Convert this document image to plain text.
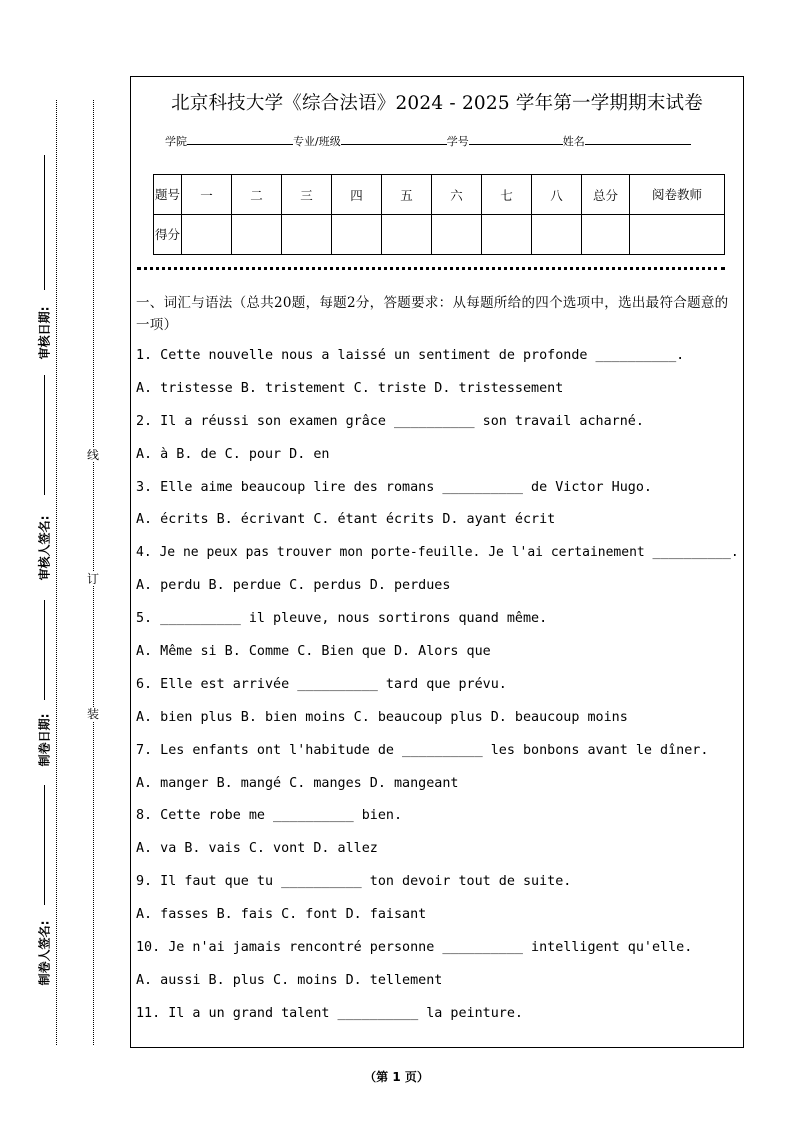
审核日期:
审核人签名:
制卷日期:
制卷人签名:
线
订
装
北京科技大学《综合法语》2024 - 2025 学年第一学期期末试卷
学院	专业/班级	学号	姓名
题号	一	二	三	四	五	六	七	八	总分	阅卷教师
得分										
一、词汇与语法（总共20题，每题2分，答题要求：从每题所给的四个选项中，选出最符合题意的一项）
1. Cette nouvelle nous a laissé un sentiment de profonde __________.
A. tristesse B. tristement C. triste D. tristessement
2. Il a réussi son examen grâce __________ son travail acharné.
A. à B. de C. pour D. en
3. Elle aime beaucoup lire des romans __________ de Victor Hugo.
A. écrits B. écrivant C. étant écrits D. ayant écrit
4. Je ne peux pas trouver mon porte-feuille. Je l'ai certainement __________.
A. perdu B. perdue C. perdus D. perdues
5. __________ il pleuve, nous sortirons quand même.
A. Même si B. Comme C. Bien que D. Alors que
6. Elle est arrivée __________ tard que prévu.
A. bien plus B. bien moins C. beaucoup plus D. beaucoup moins
7. Les enfants ont l'habitude de __________ les bonbons avant le dîner.
A. manger B. mangé C. manges D. mangeant
8. Cette robe me __________ bien.
A. va B. vais C. vont D. allez
9. Il faut que tu __________ ton devoir tout de suite.
A. fasses B. fais C. font D. faisant
10. Je n'ai jamais rencontré personne __________ intelligent qu'elle.
A. aussi B. plus C. moins D. tellement
11. Il a un grand talent __________ la peinture.
（第 1 页）
